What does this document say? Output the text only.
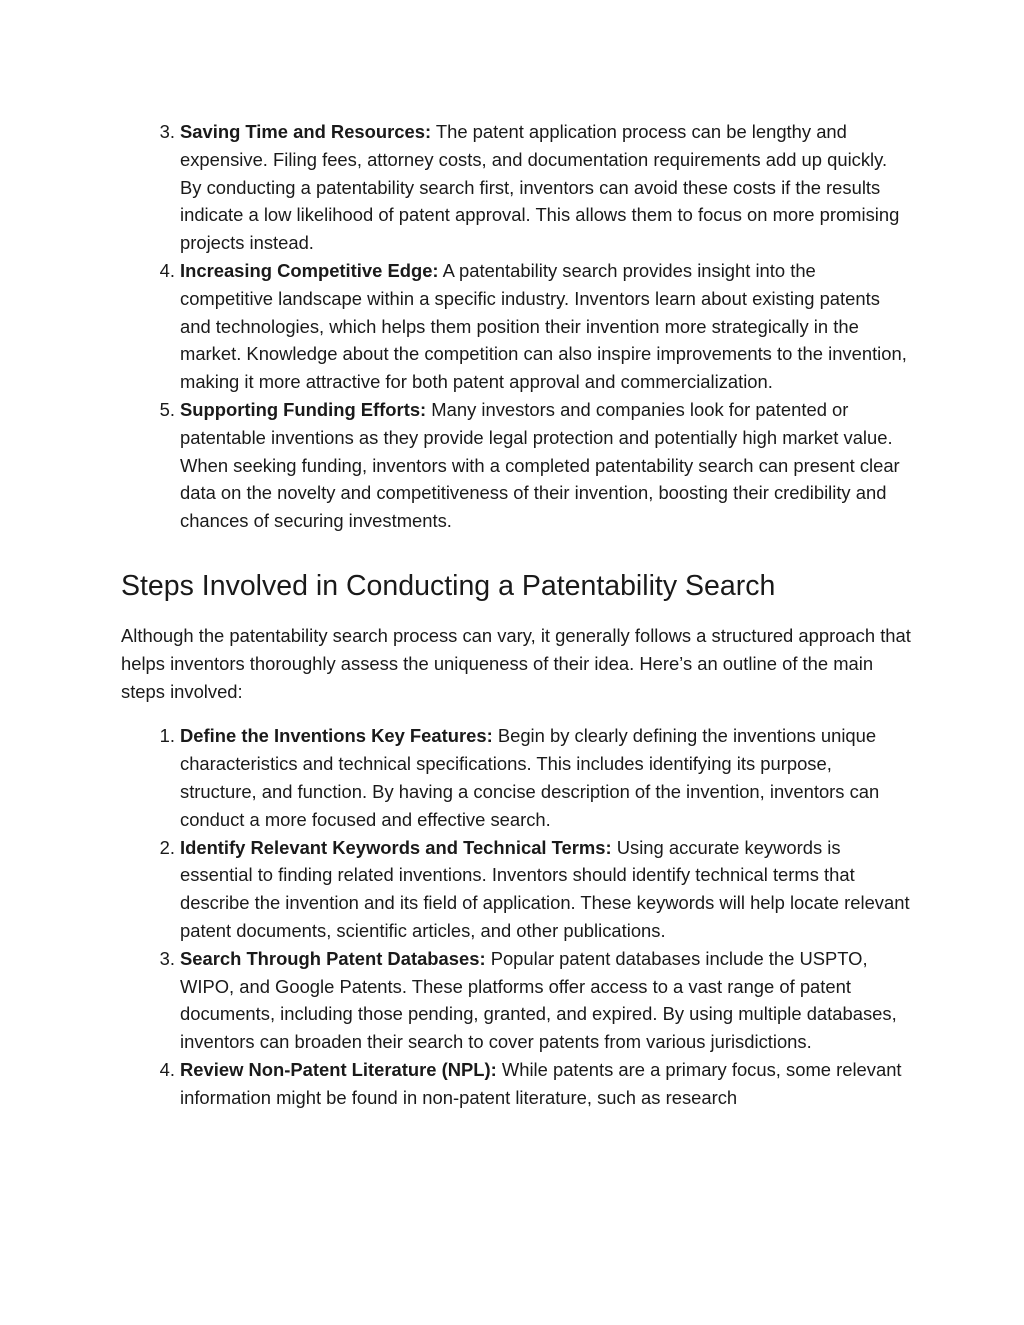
3. Saving Time and Resources: The patent application process can be lengthy and expensive. Filing fees, attorney costs, and documentation requirements add up quickly. By conducting a patentability search first, inventors can avoid these costs if the results indicate a low likelihood of patent approval. This allows them to focus on more promising projects instead.
4. Increasing Competitive Edge: A patentability search provides insight into the competitive landscape within a specific industry. Inventors learn about existing patents and technologies, which helps them position their invention more strategically in the market. Knowledge about the competition can also inspire improvements to the invention, making it more attractive for both patent approval and commercialization.
5. Supporting Funding Efforts: Many investors and companies look for patented or patentable inventions as they provide legal protection and potentially high market value. When seeking funding, inventors with a completed patentability search can present clear data on the novelty and competitiveness of their invention, boosting their credibility and chances of securing investments.
Steps Involved in Conducting a Patentability Search

Although the patentability search process can vary, it generally follows a structured approach that helps inventors thoroughly assess the uniqueness of their idea. Here’s an outline of the main steps involved:

1. Define the Inventions Key Features: Begin by clearly defining the inventions unique characteristics and technical specifications. This includes identifying its purpose, structure, and function. By having a concise description of the invention, inventors can conduct a more focused and effective search.
2. Identify Relevant Keywords and Technical Terms: Using accurate keywords is essential to finding related inventions. Inventors should identify technical terms that describe the invention and its field of application. These keywords will help locate relevant patent documents, scientific articles, and other publications.
3. Search Through Patent Databases: Popular patent databases include the USPTO, WIPO, and Google Patents. These platforms offer access to a vast range of patent documents, including those pending, granted, and expired. By using multiple databases, inventors can broaden their search to cover patents from various jurisdictions.
4. Review Non-Patent Literature (NPL): While patents are a primary focus, some relevant information might be found in non-patent literature, such as research
